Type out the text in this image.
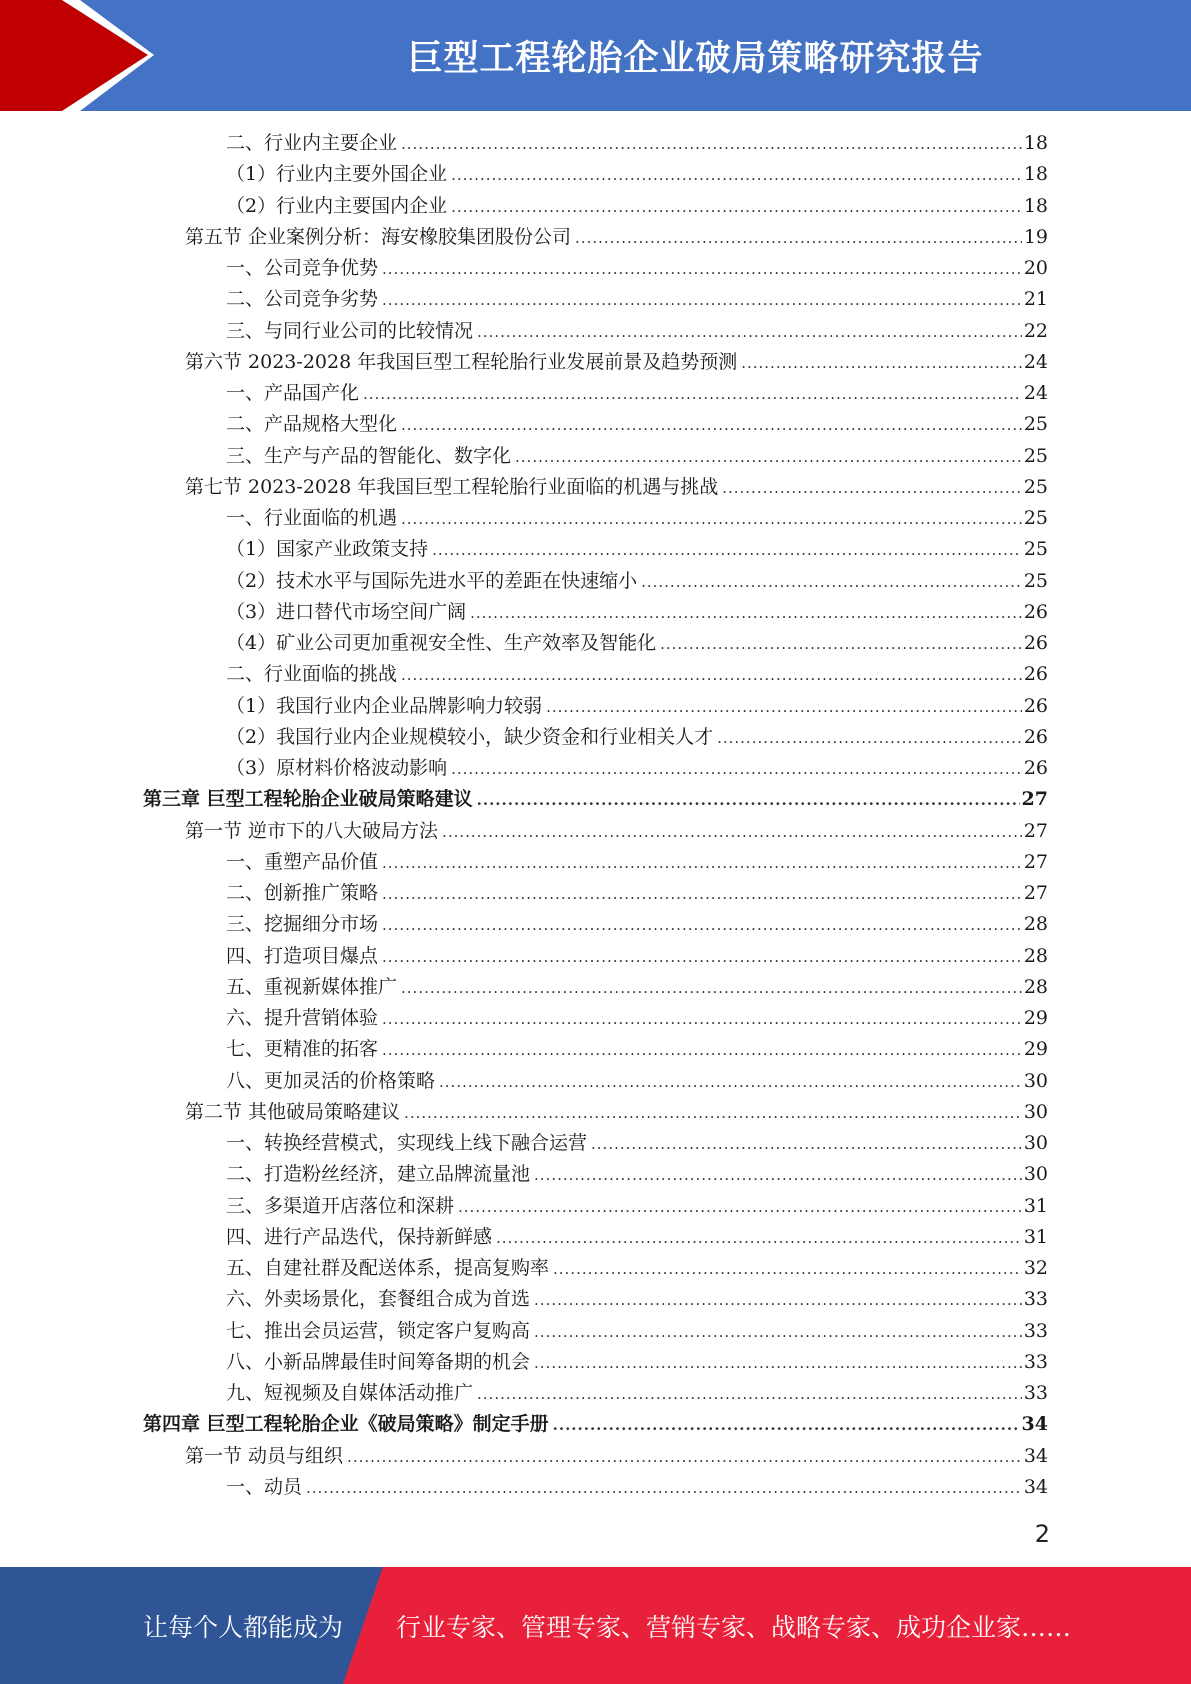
巨型工程轮胎企业破局策略研究报告
二、行业内主要企业 .....	18
（1）行业内主要外国企业 .....	18
（2）行业内主要国内企业 .....	18
第五节 企业案例分析：海安橡胶集团股份公司 .....	19
一、公司竞争优势 .....	20
二、公司竞争劣势 .....	21
三、与同行业公司的比较情况 .....	22
第六节 2023-2028 年我国巨型工程轮胎行业发展前景及趋势预测 .....	24
一、产品国产化 .....	24
二、产品规格大型化 .....	25
三、生产与产品的智能化、数字化 .....	25
第七节 2023-2028 年我国巨型工程轮胎行业面临的机遇与挑战 .....	25
一、行业面临的机遇 .....	25
（1）国家产业政策支持 .....	25
（2）技术水平与国际先进水平的差距在快速缩小 .....	25
（3）进口替代市场空间广阔 .....	26
（4）矿业公司更加重视安全性、生产效率及智能化 .....	26
二、行业面临的挑战 .....	26
（1）我国行业内企业品牌影响力较弱 .....	26
（2）我国行业内企业规模较小，缺少资金和行业相关人才 .....	26
（3）原材料价格波动影响 .....	26
第三章 巨型工程轮胎企业破局策略建议 .....	27
第一节 逆市下的八大破局方法 .....	27
一、重塑产品价值 .....	27
二、创新推广策略 .....	27
三、挖掘细分市场 .....	28
四、打造项目爆点 .....	28
五、重视新媒体推广 .....	28
六、提升营销体验 .....	29
七、更精准的拓客 .....	29
八、更加灵活的价格策略 .....	30
第二节 其他破局策略建议 .....	30
一、转换经营模式，实现线上线下融合运营 .....	30
二、打造粉丝经济，建立品牌流量池 .....	30
三、多渠道开店落位和深耕 .....	31
四、进行产品迭代，保持新鲜感 .....	31
五、自建社群及配送体系，提高复购率 .....	32
六、外卖场景化，套餐组合成为首选 .....	33
七、推出会员运营，锁定客户复购高 .....	33
八、小新品牌最佳时间筹备期的机会 .....	33
九、短视频及自媒体活动推广 .....	33
第四章 巨型工程轮胎企业《破局策略》制定手册 .....	34
第一节 动员与组织 .....	34
一、动员 .....	34
2
让每个人都能成为 行业专家、管理专家、营销专家、战略专家、成功企业家……
